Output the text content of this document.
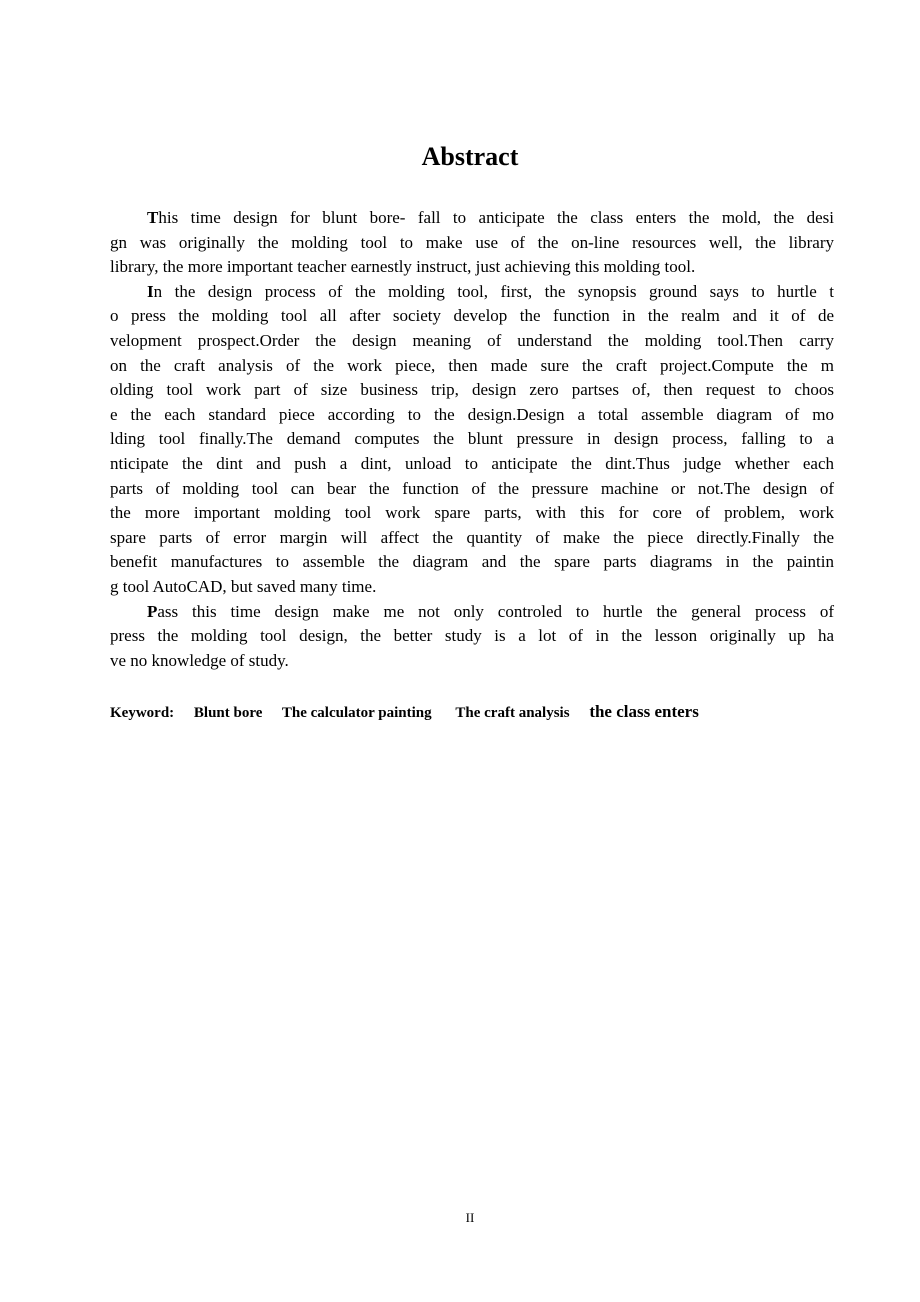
Abstract
This time design for blunt bore- fall to anticipate the class enters the mold, the desi
gn was originally the molding tool to make use of the on-line resources well, the library
library, the more important teacher earnestly instruct, just achieving this molding tool.
In the design process of the molding tool, first, the synopsis ground says to hurtle t
o press the molding tool all after society develop the function in the realm and it of de
velopment prospect.Order the design meaning of understand the molding tool.Then carry
on the craft analysis of the work piece, then made sure the craft project.Compute the m
olding tool work part of size business trip, design zero partses of, then request to choos
e the each standard piece according to the design.Design a total assemble diagram of mo
lding tool finally.The demand computes the blunt pressure in design process, falling to a
nticipate the dint and push a dint, unload to anticipate the dint.Thus judge whether each
parts of molding tool can bear the function of the pressure machine or not.The design of
the more important molding tool work spare parts, with this for core of problem, work
spare parts of error margin will affect the quantity of make the piece directly.Finally the
benefit manufactures to assemble the diagram and the spare parts diagrams in the paintin
g tool AutoCAD, but saved many time.
Pass this time design make me not only controled to hurtle the general process of
press the molding tool design, the better study is a lot of in the lesson originally up ha
ve no knowledge of study.
Keyword: Blunt bore The calculator painting The craft analysis the class enters
II
